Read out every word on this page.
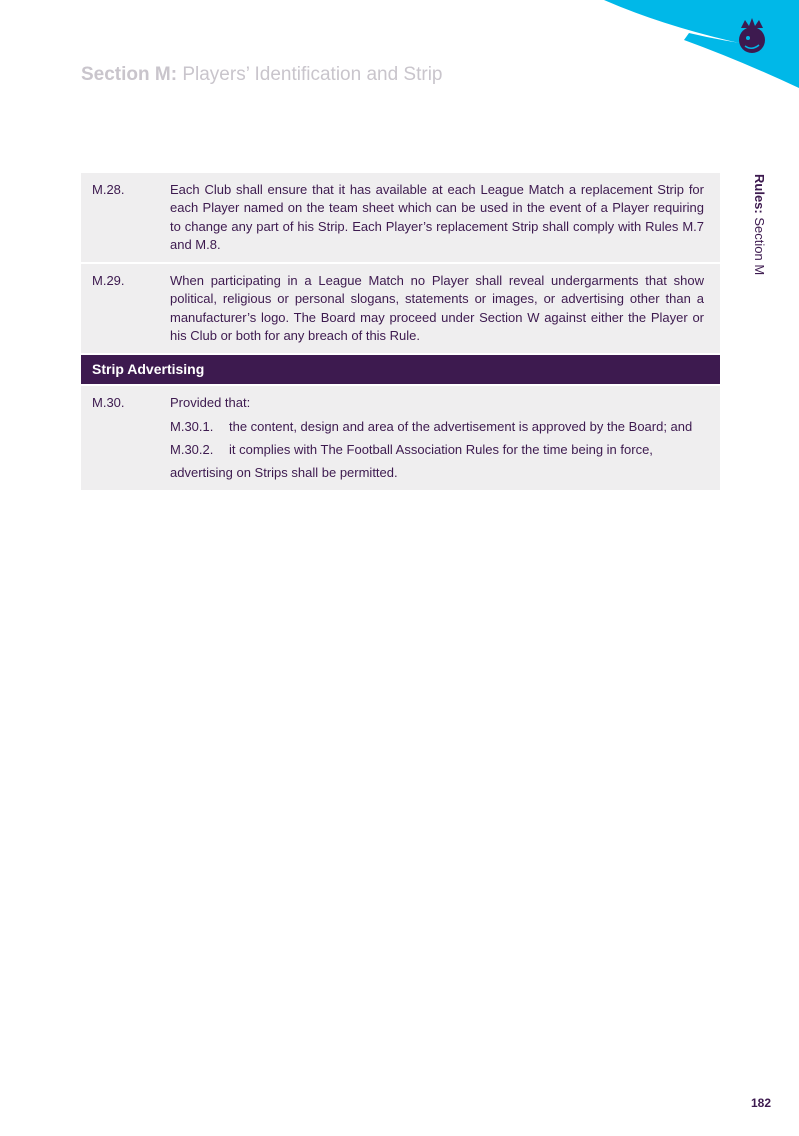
Section M: Players’ Identification and Strip
Rules: Section M
M.28.	Each Club shall ensure that it has available at each League Match a replacement Strip for each Player named on the team sheet which can be used in the event of a Player requiring to change any part of his Strip. Each Player’s replacement Strip shall comply with Rules M.7 and M.8.
M.29.	When participating in a League Match no Player shall reveal undergarments that show political, religious or personal slogans, statements or images, or advertising other than a manufacturer’s logo. The Board may proceed under Section W against either the Player or his Club or both for any breach of this Rule.
Strip Advertising
M.30.	Provided that:
M.30.1.	the content, design and area of the advertisement is approved by the Board; and
M.30.2.	it complies with The Football Association Rules for the time being in force,
advertising on Strips shall be permitted.
182
